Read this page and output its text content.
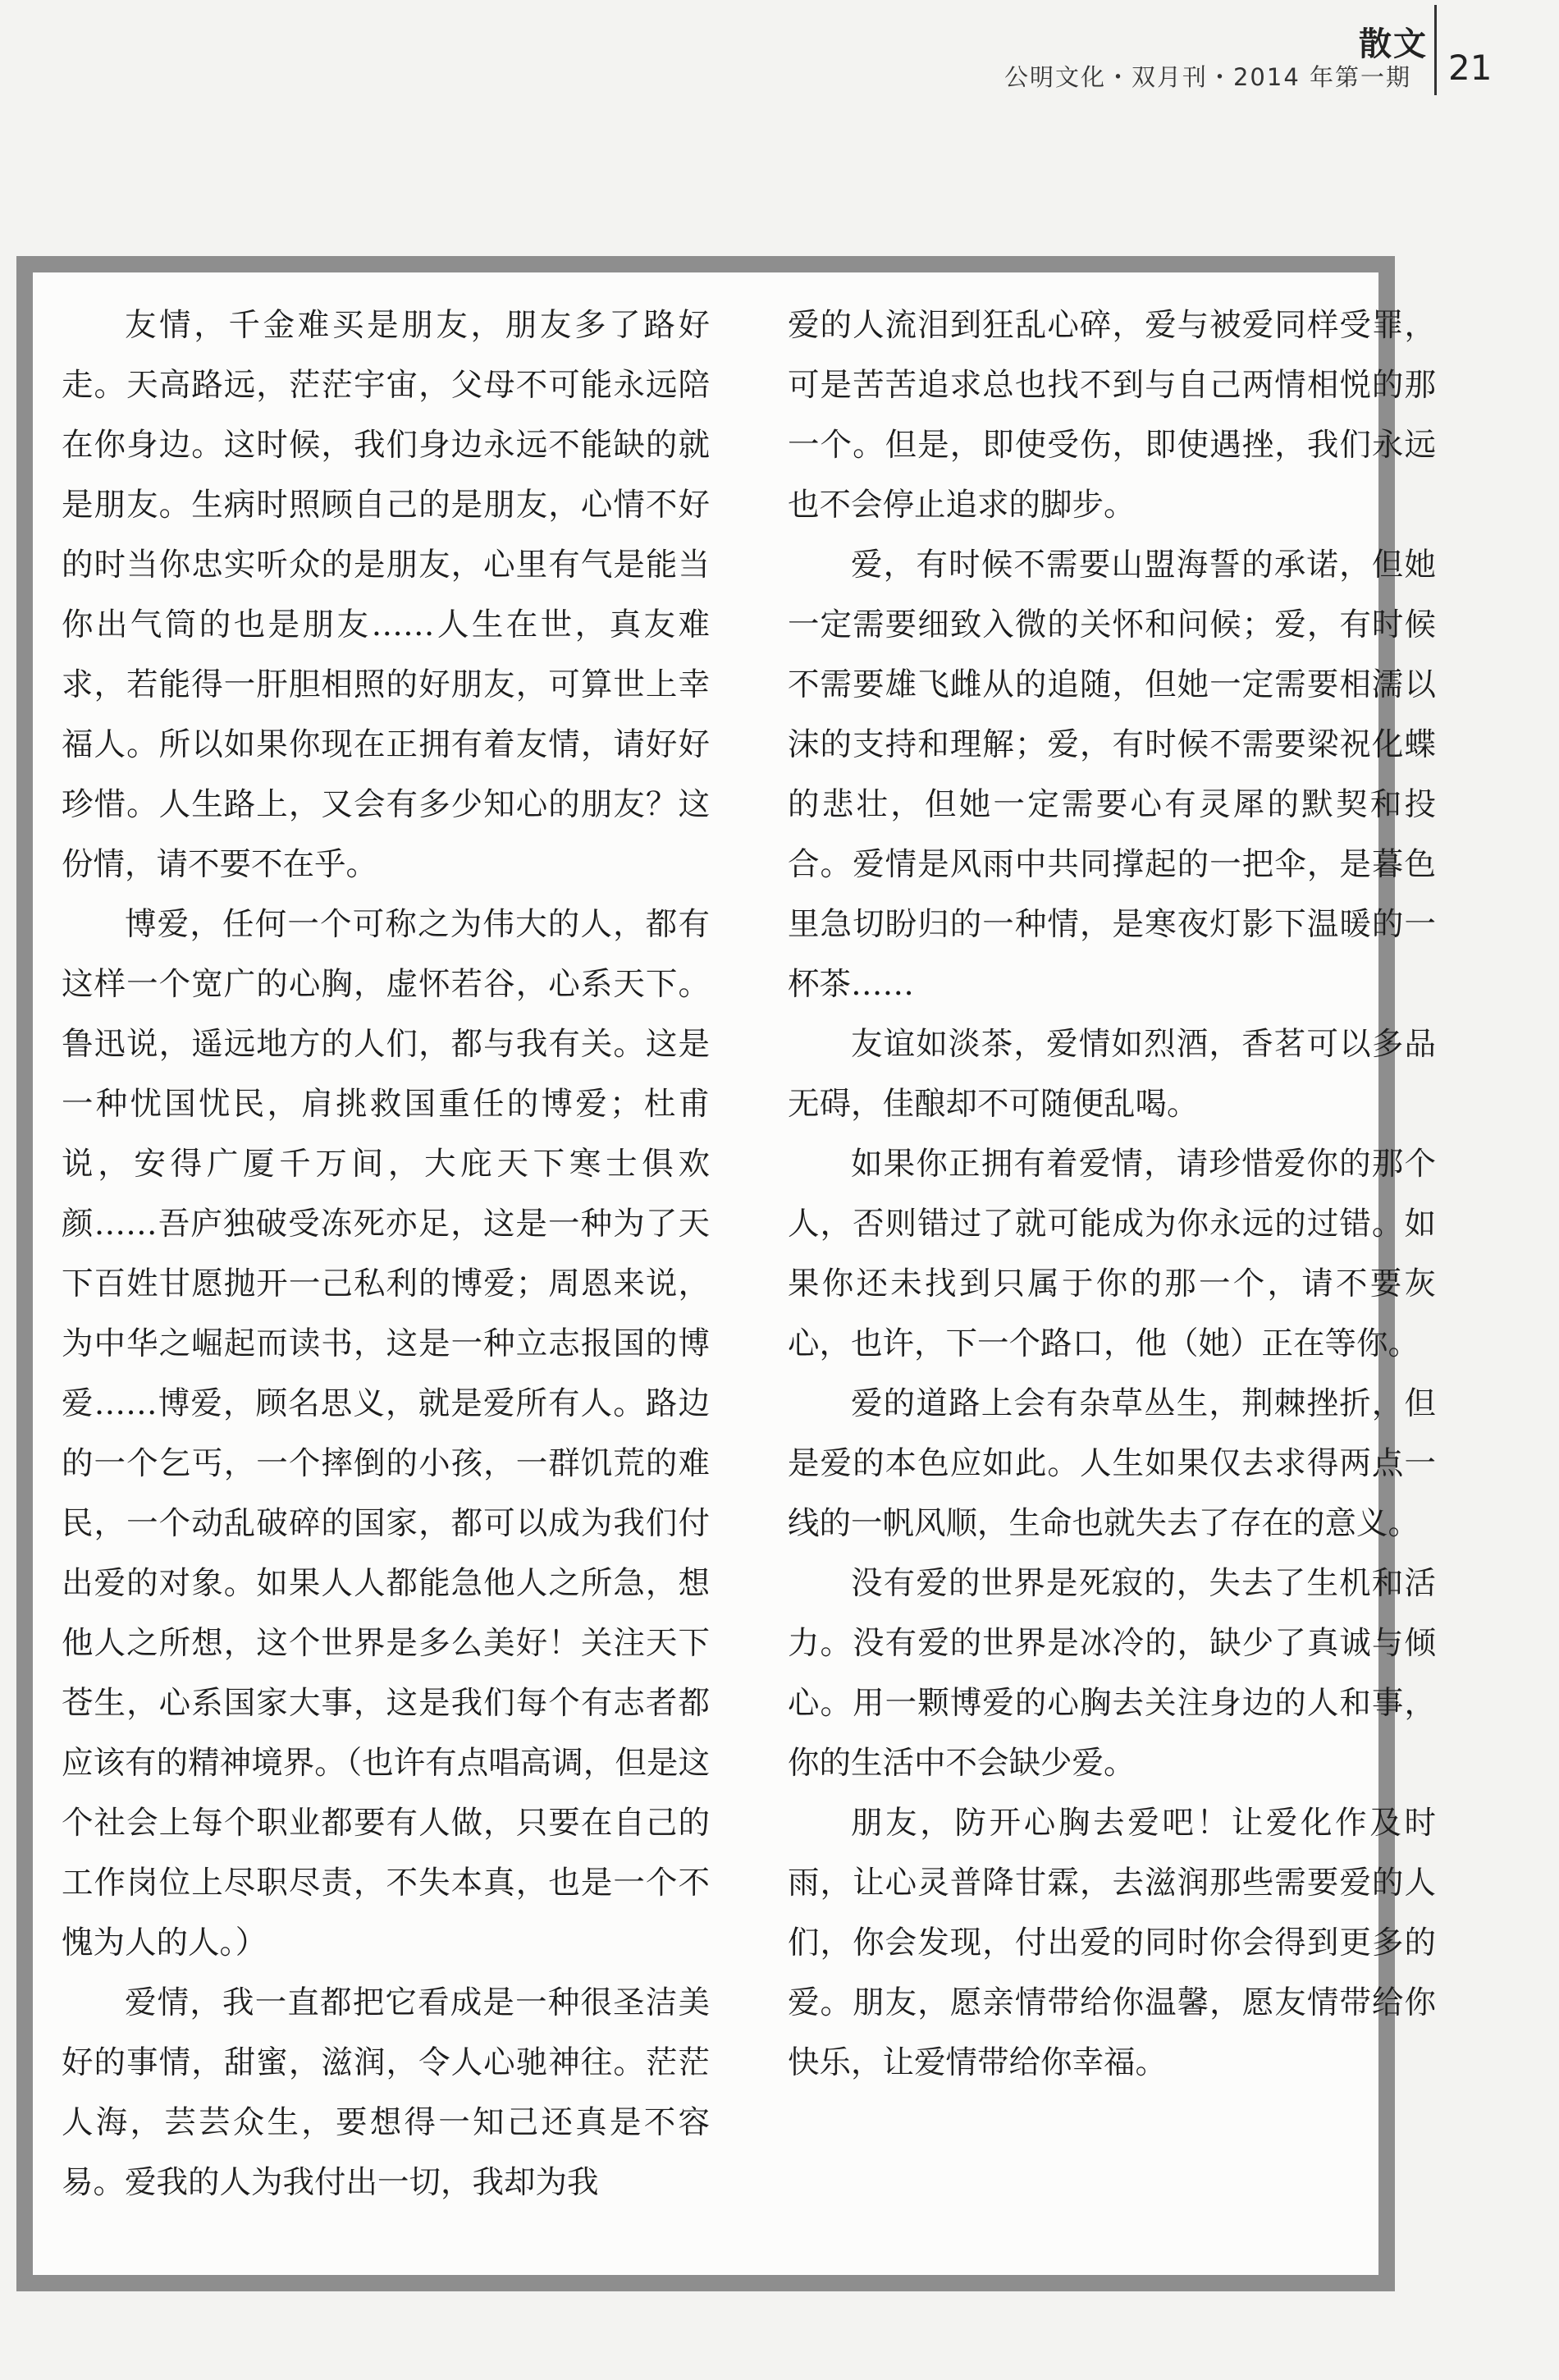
散文
公明文化・双月刊・2014 年第一期 21

友情，千金难买是朋友，朋友多了路好走。天高路远，茫茫宇宙，父母不可能永远陪在你身边。这时候，我们身边永远不能缺的就是朋友。生病时照顾自己的是朋友，心情不好的时当你忠实听众的是朋友，心里有气是能当你出气筒的也是朋友……人生在世，真友难求，若能得一肝胆相照的好朋友，可算世上幸福人。所以如果你现在正拥有着友情，请好好珍惜。人生路上，又会有多少知心的朋友？这份情，请不要不在乎。

博爱，任何一个可称之为伟大的人，都有这样一个宽广的心胸，虚怀若谷，心系天下。鲁迅说，遥远地方的人们，都与我有关。这是一种忧国忧民，肩挑救国重任的博爱；杜甫说，安得广厦千万间，大庇天下寒士俱欢颜……吾庐独破受冻死亦足，这是一种为了天下百姓甘愿抛开一己私利的博爱；周恩来说，为中华之崛起而读书，这是一种立志报国的博爱……博爱，顾名思义，就是爱所有人。路边的一个乞丐，一个摔倒的小孩，一群饥荒的难民，一个动乱破碎的国家，都可以成为我们付出爱的对象。如果人人都能急他人之所急，想他人之所想，这个世界是多么美好！关注天下苍生，心系国家大事，这是我们每个有志者都应该有的精神境界。（也许有点唱高调，但是这个社会上每个职业都要有人做，只要在自己的工作岗位上尽职尽责，不失本真，也是一个不愧为人的人。）

爱情，我一直都把它看成是一种很圣洁美好的事情，甜蜜，滋润，令人心驰神往。茫茫人海，芸芸众生，要想得一知己还真是不容易。爱我的人为我付出一切，我却为我

爱的人流泪到狂乱心碎，爱与被爱同样受罪，可是苦苦追求总也找不到与自己两情相悦的那一个。但是，即使受伤，即使遇挫，我们永远也不会停止追求的脚步。

爱，有时候不需要山盟海誓的承诺，但她一定需要细致入微的关怀和问候；爱，有时候不需要雄飞雌从的追随，但她一定需要相濡以沫的支持和理解；爱，有时候不需要梁祝化蝶的悲壮，但她一定需要心有灵犀的默契和投合。爱情是风雨中共同撑起的一把伞，是暮色里急切盼归的一种情，是寒夜灯影下温暖的一杯茶……

友谊如淡茶，爱情如烈酒，香茗可以多品无碍，佳酿却不可随便乱喝。

如果你正拥有着爱情，请珍惜爱你的那个人，否则错过了就可能成为你永远的过错。如果你还未找到只属于你的那一个，请不要灰心，也许，下一个路口，他（她）正在等你。

爱的道路上会有杂草丛生，荆棘挫折，但是爱的本色应如此。人生如果仅去求得两点一线的一帆风顺，生命也就失去了存在的意义。

没有爱的世界是死寂的，失去了生机和活力。没有爱的世界是冰冷的，缺少了真诚与倾心。用一颗博爱的心胸去关注身边的人和事，你的生活中不会缺少爱。

朋友，防开心胸去爱吧！让爱化作及时雨，让心灵普降甘霖，去滋润那些需要爱的人们，你会发现，付出爱的同时你会得到更多的爱。朋友，愿亲情带给你温馨，愿友情带给你快乐，让爱情带给你幸福。
